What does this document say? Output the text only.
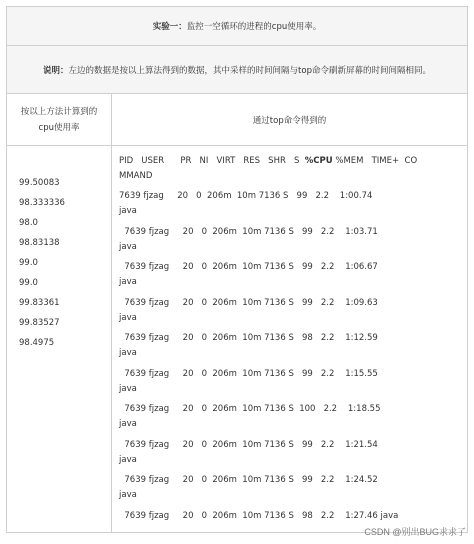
实验一： 监控一空循环的进程的cpu使用率。
说明： 左边的数据是按以上算法得到的数据，其中采样的时间间隔与top命令刷新屏幕的时间间隔相同。
按以上方法计算到的
cpu使用率
通过top命令得到的
99.50083
98.333336
98.0
98.83138
99.0
99.0
99.83361
99.83527
98.4975
PID   USER      PR   NI   VIRT   RES   SHR   S  %CPU %MEM   TIME+  CO
MMAND
7639 fjzag     20   0  206m  10m 7136 S   99   2.2    1:00.74
java
7639 fjzag     20   0  206m  10m 7136 S   99   2.2    1:03.71
java
7639 fjzag     20   0  206m  10m 7136 S   99   2.2    1:06.67
java
7639 fjzag     20   0  206m  10m 7136 S   99   2.2    1:09.63
java
7639 fjzag     20   0  206m  10m 7136 S   98   2.2    1:12.59
java
7639 fjzag     20   0  206m  10m 7136 S   99   2.2    1:15.55
java
7639 fjzag     20   0  206m  10m 7136 S  100   2.2    1:18.55
java
7639 fjzag     20   0  206m  10m 7136 S   99   2.2    1:21.54
java
7639 fjzag     20   0  206m  10m 7136 S   99   2.2    1:24.52
java
7639 fjzag     20   0  206m  10m 7136 S   98   2.2    1:27.46 java
CSDN @别出BUG求求了
